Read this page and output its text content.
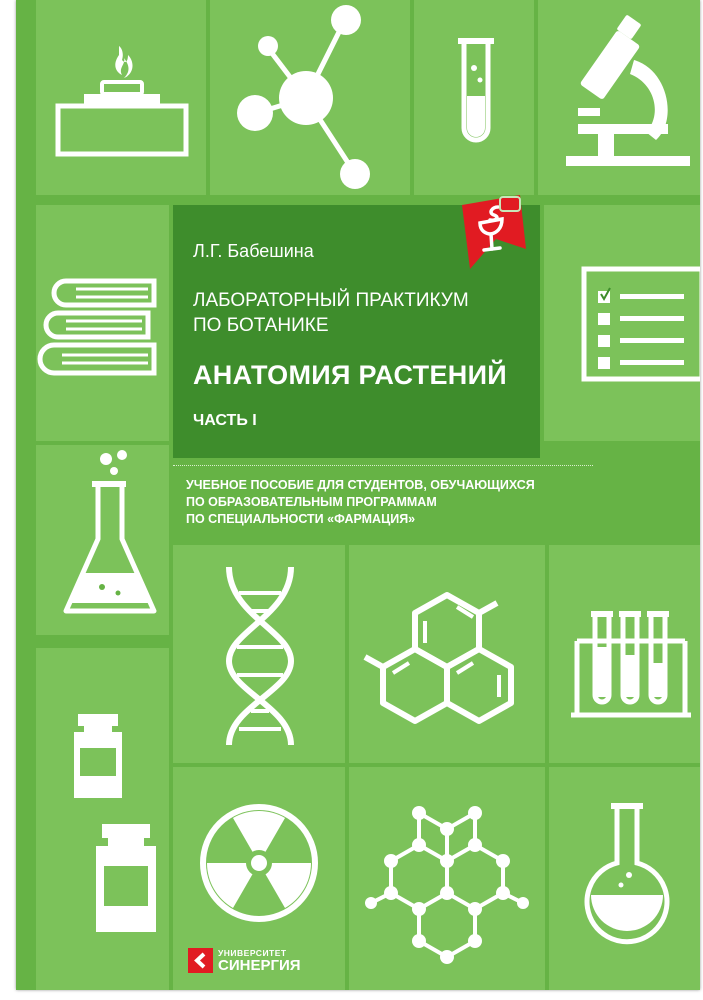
Л.Г. Бабешина

ЛАБОРАТОРНЫЙ ПРАКТИКУМ

ПО БОТАНИКЕ

АНАТОМИЯ РАСТЕНИЙ

ЧАСТЬ I

УЧЕБНОЕ ПОСОБИЕ ДЛЯ СТУДЕНТОВ, ОБУЧАЮЩИХСЯ
ПО ОБРАЗОВАТЕЛЬНЫМ ПРОГРАММАМ
ПО СПЕЦИАЛЬНОСТИ «ФАРМАЦИЯ»

УНИВЕРСИТЕТ
СИНЕРГИЯ
